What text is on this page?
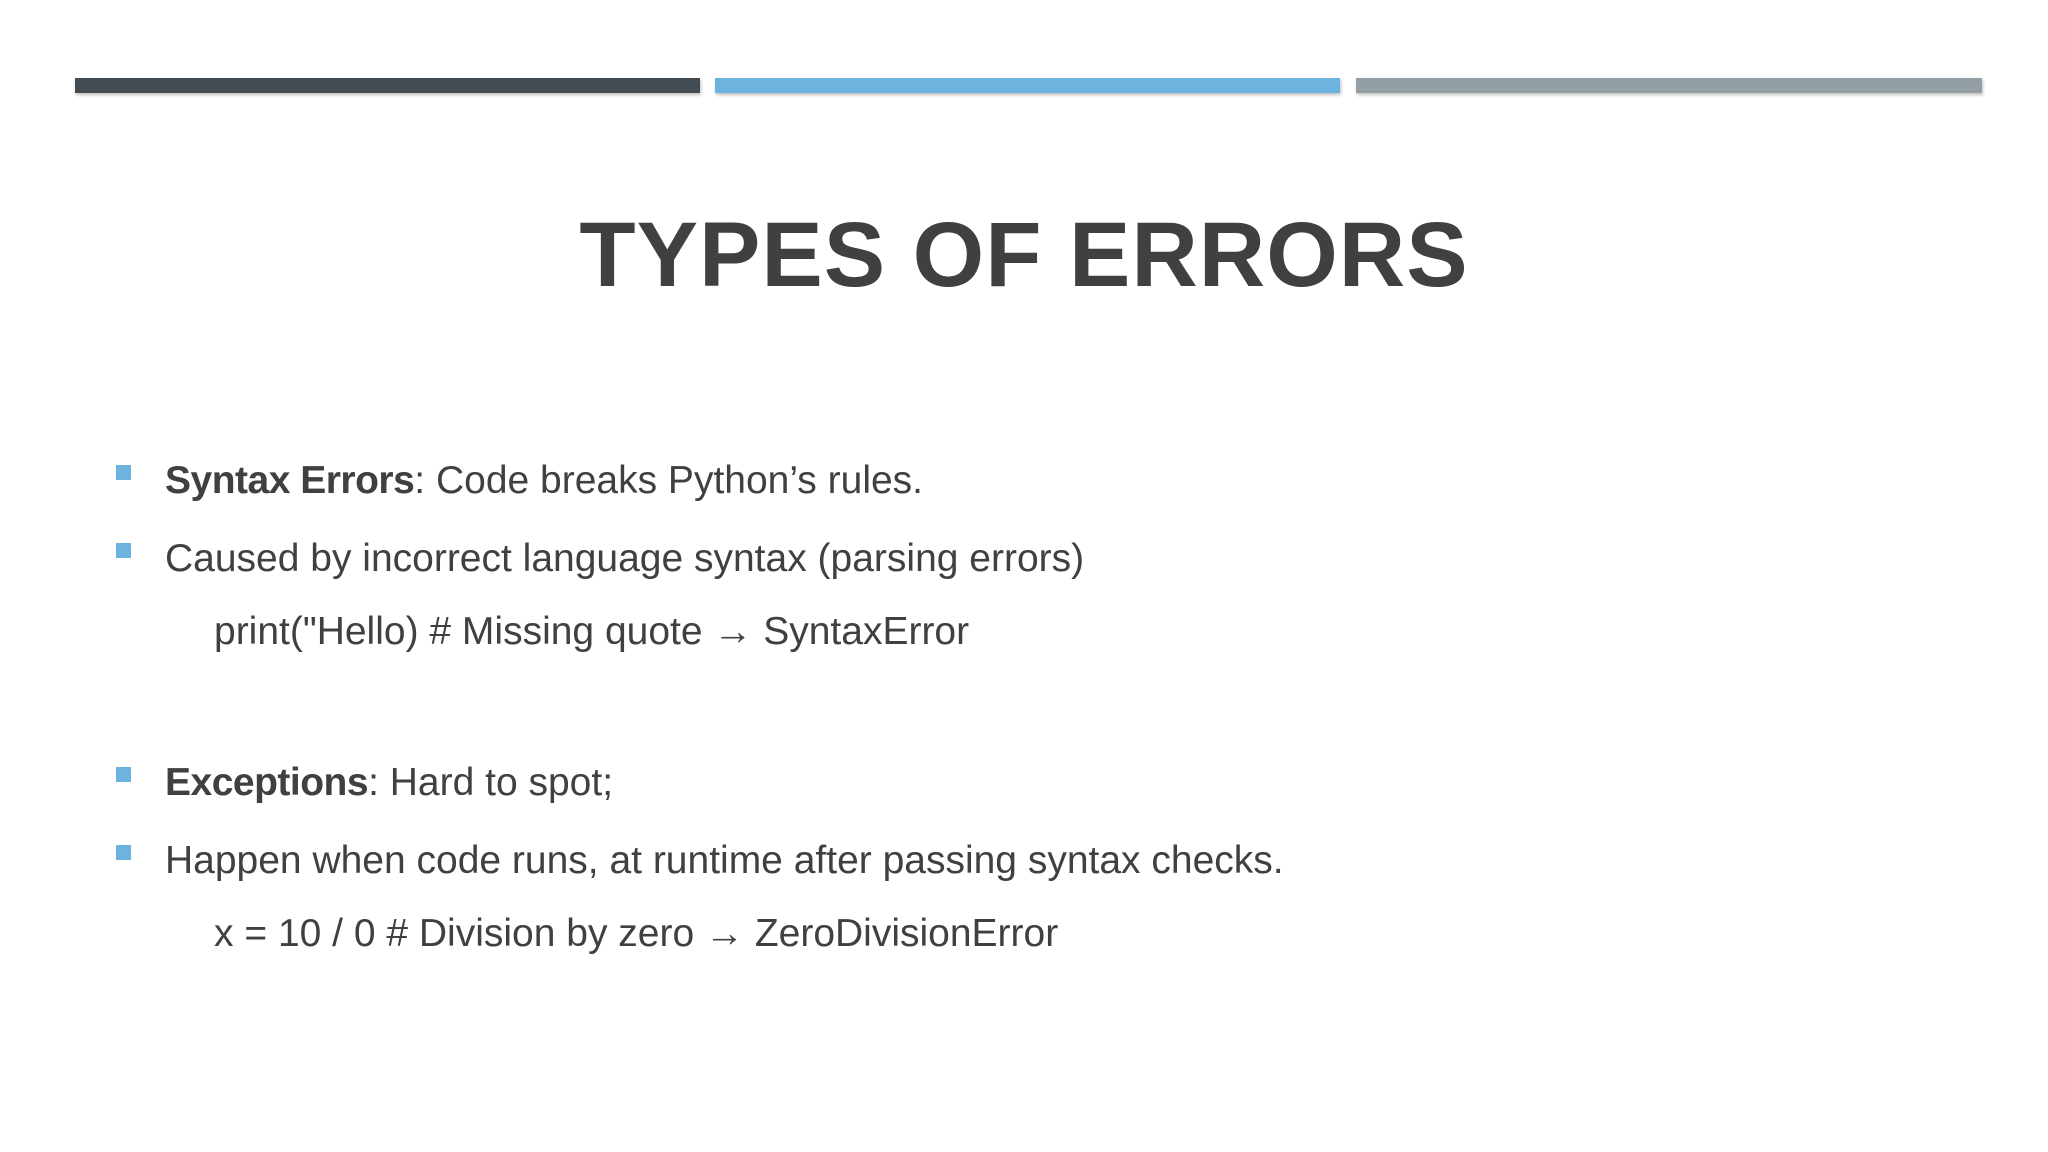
TYPES OF ERRORS
Syntax Errors: Code breaks Python’s rules.
Caused by incorrect language syntax (parsing errors)
print("Hello) # Missing quote → SyntaxError
Exceptions: Hard to spot;
Happen when code runs, at runtime after passing syntax checks.
x = 10 / 0 # Division by zero → ZeroDivisionError
